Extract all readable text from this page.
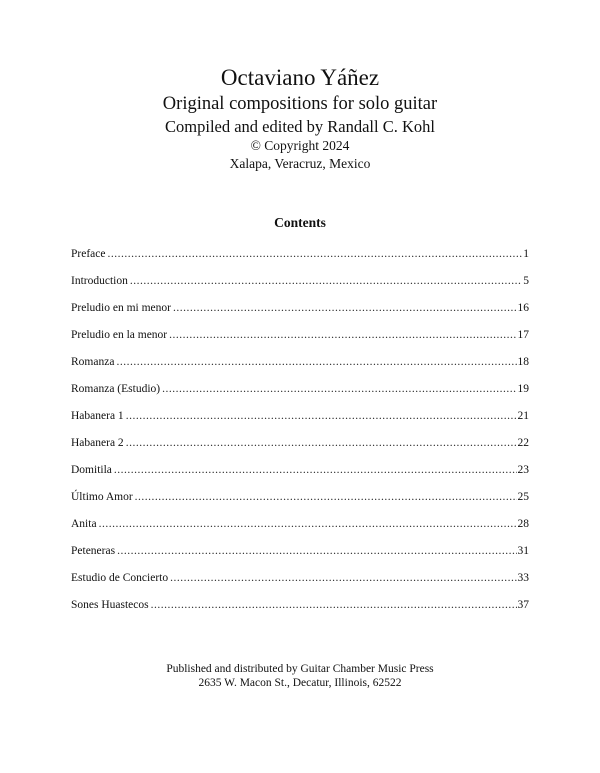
Octaviano Yáñez

Original compositions for solo guitar

Compiled and edited by Randall C. Kohl

© Copyright 2024

Xalapa, Veracruz, Mexico

Contents

Preface .....	1
Introduction .....	5
Preludio en mi menor .....	16
Preludio en la menor .....	17
Romanza .....	18
Romanza (Estudio) .....	19
Habanera 1 .....	21
Habanera 2 .....	22
Domitila .....	23
Último Amor .....	25
Anita .....	28
Peteneras .....	31
Estudio de Concierto .....	33
Sones Huastecos .....	37

Published and distributed by Guitar Chamber Music Press

2635 W. Macon St., Decatur, Illinois, 62522
